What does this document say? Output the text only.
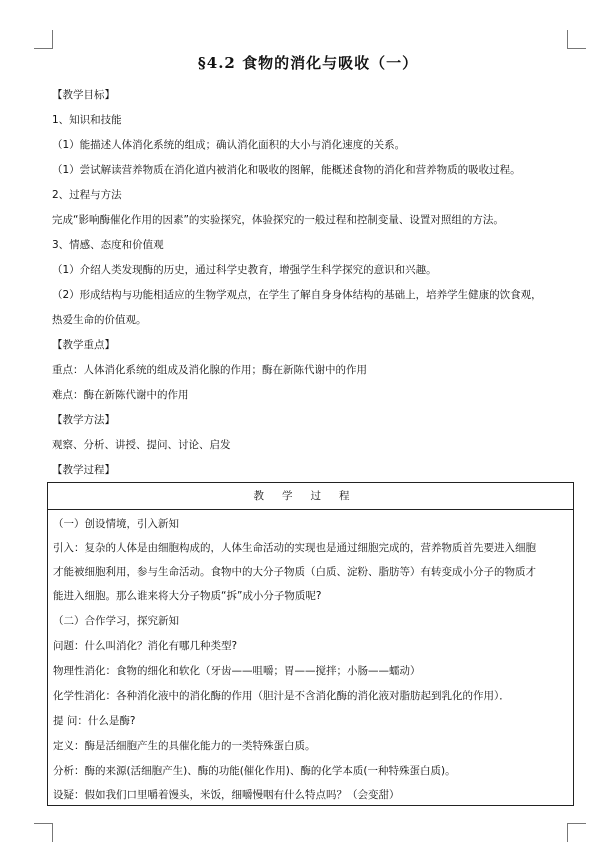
§4.2 食物的消化与吸收（一）
【教学目标】
1、知识和技能
（1）能描述人体消化系统的组成；确认消化面积的大小与消化速度的关系。
（1）尝试解读营养物质在消化道内被消化和吸收的图解，能概述食物的消化和营养物质的吸收过程。
2、过程与方法
完成“影响酶催化作用的因素”的实验探究，体验探究的一般过程和控制变量、设置对照组的方法。
3、情感、态度和价值观
（1）介绍人类发现酶的历史，通过科学史教育，增强学生科学探究的意识和兴趣。
（2）形成结构与功能相适应的生物学观点，在学生了解自身身体结构的基础上，培养学生健康的饮食观，
热爱生命的价值观。
【教学重点】
重点：人体消化系统的组成及消化腺的作用；酶在新陈代谢中的作用
难点：酶在新陈代谢中的作用
【教学方法】
观察、分析、讲授、提问、讨论、启发
【教学过程】
教学过程
（一）创设情境，引入新知
引入：复杂的人体是由细胞构成的，人体生命活动的实现也是通过细胞完成的，营养物质首先要进入细胞
才能被细胞利用，参与生命活动。食物中的大分子物质（白质、淀粉、脂肪等）有转变成小分子的物质才
能进入细胞。那么谁来将大分子物质“拆”成小分子物质呢?
（二）合作学习，探究新知
问题：什么叫消化？消化有哪几种类型?
物理性消化：食物的细化和软化（牙齿——咀嚼；胃——搅拌；小肠——蠕动）
化学性消化：各种消化液中的消化酶的作用（胆汁是不含消化酶的消化液对脂肪起到乳化的作用）．
提 问：什么是酶?
定义：酶是活细胞产生的具催化能力的一类特殊蛋白质。
分析：酶的来源(活细胞产生)、酶的功能(催化作用)、酶的化学本质(一种特殊蛋白质)。
设疑：假如我们口里嚼着馒头，米饭，细嚼慢咽有什么特点吗？（会变甜）
